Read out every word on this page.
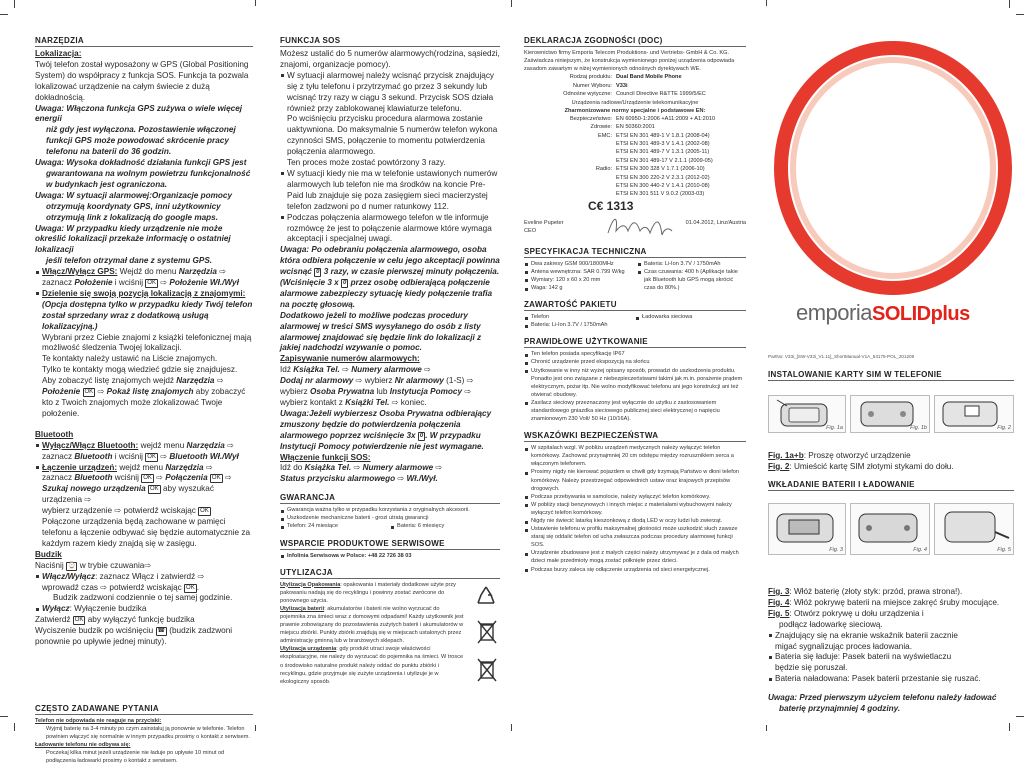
NARZĘDZIA
Lokalizacja:
Twój telefon został wyposażony w GPS (Global Positioning System) do współpracy z funkcja SOS. Funkcja ta pozwala lokalizować urządzenie na całym świecie z dużą dokładnością.
Uwaga: Włączona funkcja GPS zużywa o wiele więcej energii
niż gdy jest wyłączona. Pozostawienie włączonej funkcji GPS może powodować skrócenie pracy telefonu na baterii do 36 godzin.
Uwaga: Wysoka dokładność działania funkcji GPS jest
gwarantowana na wolnym powietrzu funkcjonalność w budynkach jest ograniczona.
Uwaga: W sytuacji alarmowej:Organizacje pomocy
otrzymują koordynaty GPS, inni użytkownicy otrzymują link z lokalizacją do google maps.
Uwaga: W przypadku kiedy urządzenie nie może określić lokalizacji przekaże informację o ostatniej lokalizacji
jeśli telefon otrzymał dane z systemu GPS.
Włącz/Wyłącz GPS: Wejdź do menu Narzędzia ⇨
zaznacz Położenie i wciśnij OK ⇨ Położenie Wł./Wył
Dzielenie się swoją pozycją lokalizacją z znajomymi:
(Opcja dostępna tylko w przypadku kiedy Twój telefon został sprzedany wraz z dodatkową usługą lokalizacyjną.)
Wybrani przez Ciebie znajomi z książki telefonicznej mają możliwość śledzenia Twojej lokalizacji.
Te kontakty należy ustawić na Liście znajomych.
Tylko te kontakty mogą wiedzieć gdzie się znajdujesz.
Aby zobaczyć listę znajomych wejdź Narzędzia ⇨
Położenie OK ⇨ Pokaż listę znajomych aby zobaczyć kto z Twoich znajomych może zlokalizować Twoje położenie.
Bluetooth
Wyłącz/Włącz Bluetooth: wejdź menu Narzędzia ⇨
zaznacz Bluetooth i wciśnij OK ⇨ Bluetooth Wł./Wył
Łączenie urządzeń: wejdź menu Narzędzia ⇨
zaznacz Bluetooth wciśnij OK ⇨ Połączenia OK ⇨
Szukaj nowego urządzenia OK aby wyszukać urządzenia ⇨
wybierz urządzenie ⇨ potwierdź wciskając OK
Połączone urządzenia będą zachowane w pamięci telefonu a łączenie odbywać się będzie automatycznie za każdym razem kiedy znajdą się w zasięgu.
Budzik
Naciśnij ⌚ w trybie czuwania⇨
Włącz/Wyłącz: zaznacz Włącz i zatwierdź ⇨
wprowadź czas ⇨ potwierdź wciskając OK .
Budzik zadzwoni codziennie o tej samej godzinie.
Wyłącz: Wyłączenie budzika
Zatwierdź OK aby wyłączyć funkcję budzika
Wyciszenie budzik po wciśnięciu ☎ (budzik zadzwoni ponownie po upływie jednej minuty).
CZĘSTO ZADAWANE PYTANIA
Telefon nie odpowiada nie reaguje na przyciski:
Wyjmij baterię na 3-4 minuty po czym zainstaluj ją ponownie w telefonie. Telefon powinien włączyć się normalnie w innym przypadku prosimy o kontakt z serwisem.
Ładowanie telefonu nie odbywa się:
Poczekaj kilka minut jeżeli urządzenie nie ładuje po upływie 10 minut od podłączenia ładowarki prosimy o kontakt z serwisem.
FUNKCJA SOS
Możesz ustalić do 5 numerów alarmowych(rodzina, sąsiedzi, znajomi, organizacje pomocy).
W sytuacji alarmowej należy wcisnąć przycisk znajdujący się z tyłu telefonu i przytrzymać go przez 3 sekundy lub wcisnąć trzy razy w ciągu 3 sekund. Przycisk SOS działa również przy zablokowanej klawiaturze telefonu.
Po wciśnięciu przycisku procedura alarmowa zostanie uaktywniona. Do maksymalnie 5 numerów telefon wykona czynności SMS, połączenie to momentu potwierdzenia połączenia alarmowego.
Ten proces może zostać powtórzony 3 razy.
W sytuacji kiedy nie ma w telefonie ustawionych numerów alarmowych lub telefon nie ma środków na koncie Pre-Paid lub znajduje się poza zasięgiem sieci macierzystej telefon zadzwoni po d numer ratunkowy 112.
Podczas połączenia alarmowego telefon w tle informuje rozmówcę że jest to połączenie alarmowe które wymaga akceptacji i specjalnej uwagi.
Uwaga: Po odebraniu połączenia alarmowego, osoba która odbiera połączenie w celu jego akceptacji powinna wcisnąć 0 3 razy, w czasie pierwszej minuty połączenia.
(Wciśnięcie 3 x 0 przez osobę odbierającą połączenie alarmowe zabezpieczy sytuację kiedy połączenie trafia na pocztę głosową.
Dodatkowo jeżeli to możliwe podczas procedury alarmowej w treści SMS wysyłanego do osób z listy alarmowej znajdować się będzie link do lokalizacji z jakiej nadchodzi wzywanie o pomoc.
Zapisywanie numerów alarmowych:
Idź Książka Tel. ⇨ Numery alarmowe ⇨
Dodaj nr alarmowy ⇨ wybierz Nr alarmowy (1-S) ⇨
wybierz Osoba Prywatna lub Instytucja Pomocy ⇨
wybierz kontakt z Książki Tel. ⇨ koniec.
Uwaga:Jeżeli wybierzesz Osoba Prywatna odbierający zmuszony będzie do potwierdzenia połączenia alarmowego poprzez wciśnięcie 3x 0 . W przypadku Instytucji Pomocy potwierdzenie nie jest wymagane.
Włączenie funkcji SOS:
Idź do Książka Tel. ⇨ Numery alarmowe ⇨
Status przycisku alarmowego ⇨ Wł./Wył.
GWARANCJA
Gwarancja ważna tylko w przypadku korzystania z oryginalnych akcesorii.
Uszkodzenie mechaniczne baterii - grozi utratą gwarancji
Telefon: 24 miesiące	Bateria: 6 miesięcy
WSPARCIE PRODUKTOWE SERWISOWE
Infolinia Serwisowa w Polsce: +48 22 726 38 03
UTYLIZACJA
Utylizacja Opakowania: opakowania i materiały dodatkowe użyte przy pakowaniu nadają się do recyklingu i powinny zostać zwrócone do ponownego użycia.
Utylizacja baterii: akumulatorów i baterii nie wolno wyrzucać do pojemnika zna śmieci wraz z domowymi odpadami! Każdy użytkownik jest prawnie zobowiązany do pozostawienia zużytych baterii i akumulatorów w miejscu zbiórki. Punkty zbiórki znajdują się w miejscach ustalonych przez administrację gminną lub w branżowych sklepach.
Utylizacja urządzenia: gdy produkt utraci swoje właściwości eksploatacyjne, nie należy do wyrzucać do pojemnika na śmieci. W trosce o środowisko naturalne produkt należy oddać do punktu zbiórki i recyklingu, gdzie przyjmuje się zużyte urządzenia i utylizuje je w ekologiczny sposób.
DEKLARACJA ZGODNOŚCI (DOC)
Kierownictwo firmy Emporia Telecom Produktions- und Vertriebs- GmbH & Co. KG. Zaświadcza niniejszym, że konstrukcja wymienionego poniżej urządzenia odpowiada zasadom zawartym w niżej wymienionych odnośnych dyrektywach WE.
Rodzaj produktu: Dual Band Mobile Phone
Numer Wyboru: V33i
Odnośne wytyczne: Council Directive R&TTE 1999/5/EC
Urządzenia radiowe/Urządzenie telekomunikacyjne
Zharmonizowane normy specjalne i podstawowe EN:
Bezpieczeństwo: EN 60950-1:2006 +A11:2009 + A1:2010
Zdrowie: EN 50360:2001
EMC: ETSI EN 301 489-1 V 1.8.1 (2008-04)
ETSI EN 301 489-3 V 1.4.1 (2002-08)
ETSI EN 301 489-7 V 1.3.1 (2005-11)
ETSI EN 301 489-17 V 2.1.1 (2009-05)
Radio: ETSI EN 300 328 V 1.7.1 (2006-10)
ETSI EN 300 220-2 V 2.3.1 (2012-02)
ETSI EN 300 440-2 V 1.4.1 (2010-08)
ETSI EN 301 511 V 9.0.2 (2003-03)
C€ 1313
Eveline Pupeter
CEO
01.04.2012, Linz/Austria
SPECYFIKACJA TECHNICZNA
Dwa zakresy GSM 900/1800MHz	Bateria: Li-Ion 3.7V / 1750mAh
Antena wewnętrzna: SAR 0.799 W/kg	Czas czuwania: 400 h (Aplikacje takie jak Bluetooth lub GPS mogą skrócić czas do 80%.)
Wymiary: 120 x 60 x 20 mm
Waga: 142 g
ZAWARTOŚĆ PAKIETU
Telefon	Ładowarka sieciowa
Bateria: Li-Ion 3.7V / 1750mAh
PRAWIDŁOWE UŻYTKOWANIE
Ten telefon posiada specyfikację IP67
Chronić urządzenie przed ekspozycją na słońcu
Użytkowanie w inny niż wyżej opisany sposób, prowadzi do uszkodzenia produktu. Ponadto jest ono związane z niebezpieczeństwami takimi jak m.in. porażenie prądem elektrycznym, pożar itp. Nie wolno modyfikować telefonu ani jego konstrukcji ani też otwierać obudowy.
Zasilacz sieciowy przeznaczony jest wyłącznie do użytku z zastosowaniem standardowego gniazdka sieciowego publicznej sieci elektrycznej o napięciu znamionowym 230 Volt/ 50 Hz (10/16A).
WSKAZÓWKI BEZPIECZEŃSTWA
W szpitalach wzgl. W pobliżu urządzeń medycznych należy wyłączyć telefon komórkowy. Zachować przynajmniej 20 cm odstępu między rozrusznikiem serca a włączonym telefonem.
Prosimy nigdy nie kierować pojazdem w chwili gdy trzymają Państwo w dłoni telefon komórkowy. Należy przestrzegać odpowiednich ustaw oraz krajowych przepisów drogowych.
Podczas przebywania w samolocie, należy wyłączyć telefon komórkowy.
W pobliży stacji benzynowych i innych miejsc z materiałami wybuchowymi należy wyłączyć telefon komórkowy.
Nigdy nie świecić latarką kieszonkową z diodą LED w oczy ludzi lub zwierząt.
Ustawienie telefonu w profilu maksymalnej głośności może uszkodzić słuch zawsze staraj się oddalić telefon od ucha zwłaszcza podczas procedury alarmowej funkcji SOS.
Urządzenie zbudowane jest z małych części należy utrzymywać je z dala od małych dzieci małe przedmioty mogą zostać połknięte przez dzieci.
Podczas burzy zaleca się odłączenie urządzenia od sieci energetycznej.
emporiaSOLIDplus
PartNo: V33i_[SW-V33i_V1.11]_ShortManual-V1A_54175-POL_201209
INSTALOWANIE KARTY SIM W TELEFONIE
Fig. 1a	Fig. 1b	Fig. 2
Fig. 1a+b: Proszę otworzyć urządzenie
Fig. 2: Umieścić kartę SIM złotymi stykami do dołu.
WKŁADANIE BATERII I ŁADOWANIE
Fig. 3	Fig. 4	Fig. 5
Fig. 3: Włóż baterię (złoty styk: przód, prawa strona!).
Fig. 4: Włóż pokrywę baterii na miejsce zakręć śruby mocujące.
Fig. 5: Otwórz pokrywę u dołu urządzenia i
podłącz ładowarkę sieciową.
Znajdujący się na ekranie wskaźnik baterii zacznie
migać sygnalizując proces ładowania.
Bateria się ładuje: Pasek baterii na wyświetlaczu
będzie się poruszał.
Bateria naładowana: Pasek baterii przestanie się ruszać.
Uwaga: Przed pierwszym użyciem telefonu należy ładować
baterię przynajmniej 4 godziny.
